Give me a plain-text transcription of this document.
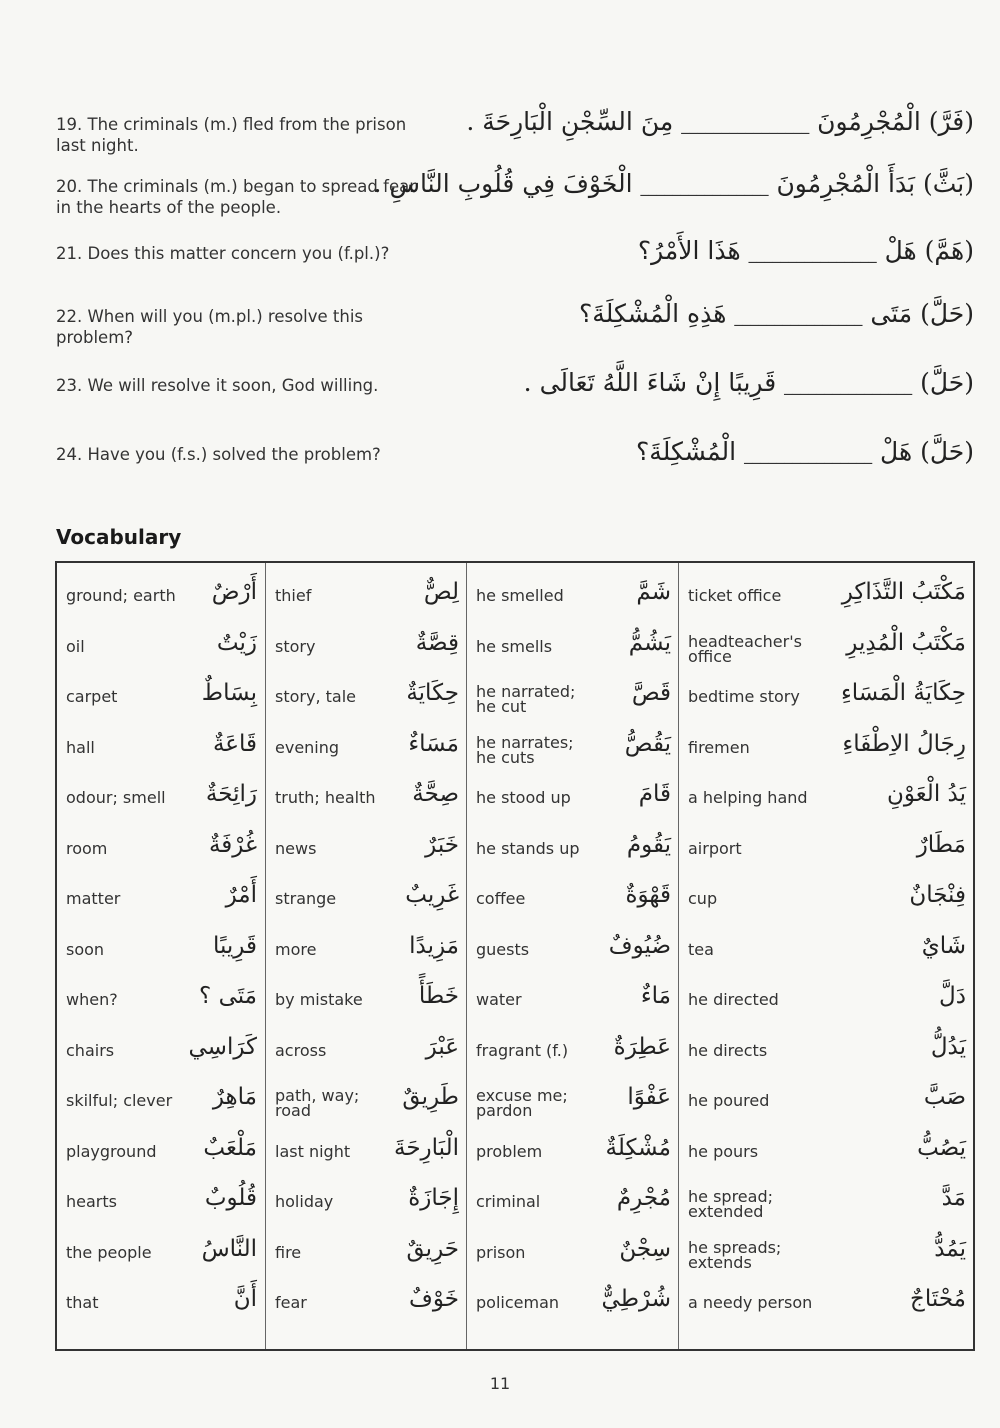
19. The criminals (m.) fled from the prison last night.
(فَرَّ) الْمُجْرِمُونَ ________________ مِنَ السِّجْنِ الْبَارِحَةَ .
20. The criminals (m.) began to spread fear in the hearts of the people.
(بَثَّ) بَدَأَ الْمُجْرِمُونَ ________________ الْخَوْفَ فِي قُلُوبِ النَّاسِ .
21. Does this matter concern you (f.pl.)?	(هَمَّ) هَلْ ________________ هَذَا الأَمْرُ؟
22. When will you (m.pl.) resolve this problem?
(حَلَّ) مَتَى ________________ هَذِهِ الْمُشْكِلَةَ؟
23. We will resolve it soon, God willing.	(حَلَّ) ________________ قَرِيبًا إِنْ شَاءَ اللَّهُ تَعَالَى .
24. Have you (f.s.) solved the problem?	(حَلَّ) هَلْ ________________ الْمُشْكِلَةَ؟
Vocabulary
ground; earth أَرْضٌ
oil	زَيْتٌ
carpet	بِسَاطٌ
hall	قَاعَةٌ
odour; smell	رَائِحَةٌ
room	غُرْفَةٌ
matter	أَمْرٌ
soon	قَرِيبًا
when?	مَتَى ؟
chairs	كَرَاسِي
skilful; clever مَاهِرٌ
playground	مَلْعَبٌ
hearts	قُلُوبٌ
the people	النَّاسُ
that	أَنَّ
thief	لِصٌّ
story	قِصَّةٌ
story, tale	حِكَايَةٌ
evening	مَسَاءٌ
truth; health	صِحَّةٌ
news	خَبَرٌ
strange	غَرِيبٌ
more	مَزِيدًا
by mistake	خَطَأً
across	عَبْرَ
path, way; road
طَرِيقٌ
last night	الْبَارِحَةَ
holiday	إِجَازَةٌ
fire	حَرِيقٌ
fear	خَوْفٌ
he smelled	شَمَّ
he smells	يَشُمُّ
he narrated; he cut
قَصَّ
he narrates; he cuts
يَقُصُّ
he stood up	قَامَ
he stands up	يَقُومُ
coffee	قَهْوَةٌ
guests	ضُيُوفٌ
water	مَاءٌ
fragrant (f.)	عَطِرَةٌ
excuse me; pardon
عَفْوًا
problem	مُشْكِلَةٌ
criminal	مُجْرِمٌ
prison	سِجْنٌ
policeman	شُرْطِيٌّ
ticket office	مَكْتَبُ التَّذَاكِرِ
headteacher's office
مَكْتَبُ الْمُدِيرِ
bedtime story	حِكَايَةُ الْمَسَاءِ
firemen	رِجَالُ الاِطْفَاءِ
a helping hand	يَدُ الْعَوْنِ
airport	مَطَارٌ
cup	فِنْجَانٌ
tea	شَايٌ
he directed	دَلَّ
he directs	يَدُلُّ
he poured	صَبَّ
he pours	يَصُبُّ
he spread; extended
مَدَّ
he spreads; extends
يَمُدُّ
a needy person	مُحْتَاجٌ
11
